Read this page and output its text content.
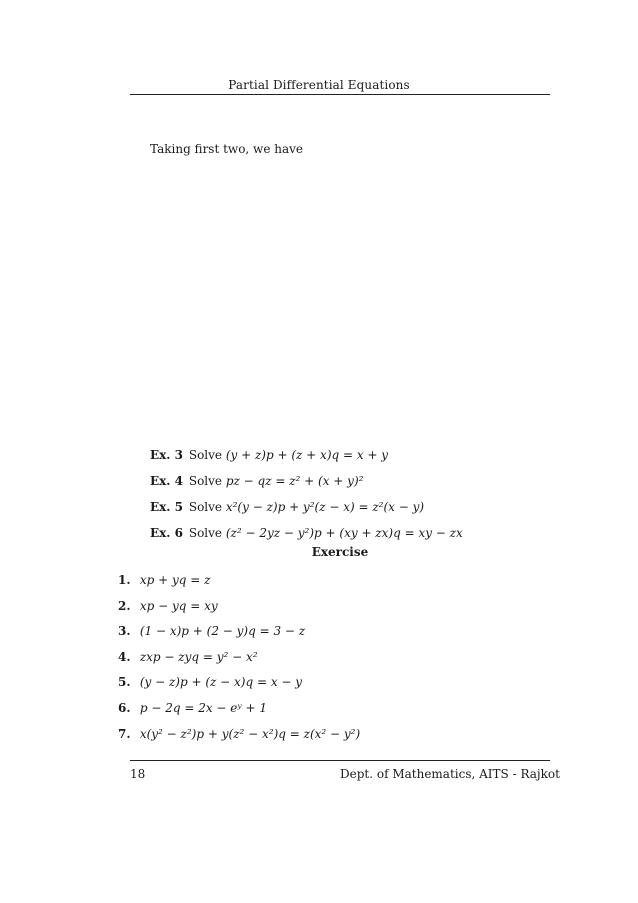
Partial Differential Equations
Taking first two, we have
Ex. 3 Solve (y + z)p + (z + x)q = x + y
Ex. 4 Solve pz − qz = z² + (x + y)²
Ex. 5 Solve x²(y − z)p + y²(z − x) = z²(x − y)
Ex. 6 Solve (z² − 2yz − y²)p + (xy + zx)q = xy − zx
Exercise
1. xp + yq = z
2. xp − yq = xy
3. (1 − x)p + (2 − y)q = 3 − z
4. zxp − zyq = y² − x²
5. (y − z)p + (z − x)q = x − y
6. p − 2q = 2x − eʸ + 1
7. x(y² − z²)p + y(z² − x²)q = z(x² − y²)
18	Dept. of Mathematics, AITS - Rajkot
